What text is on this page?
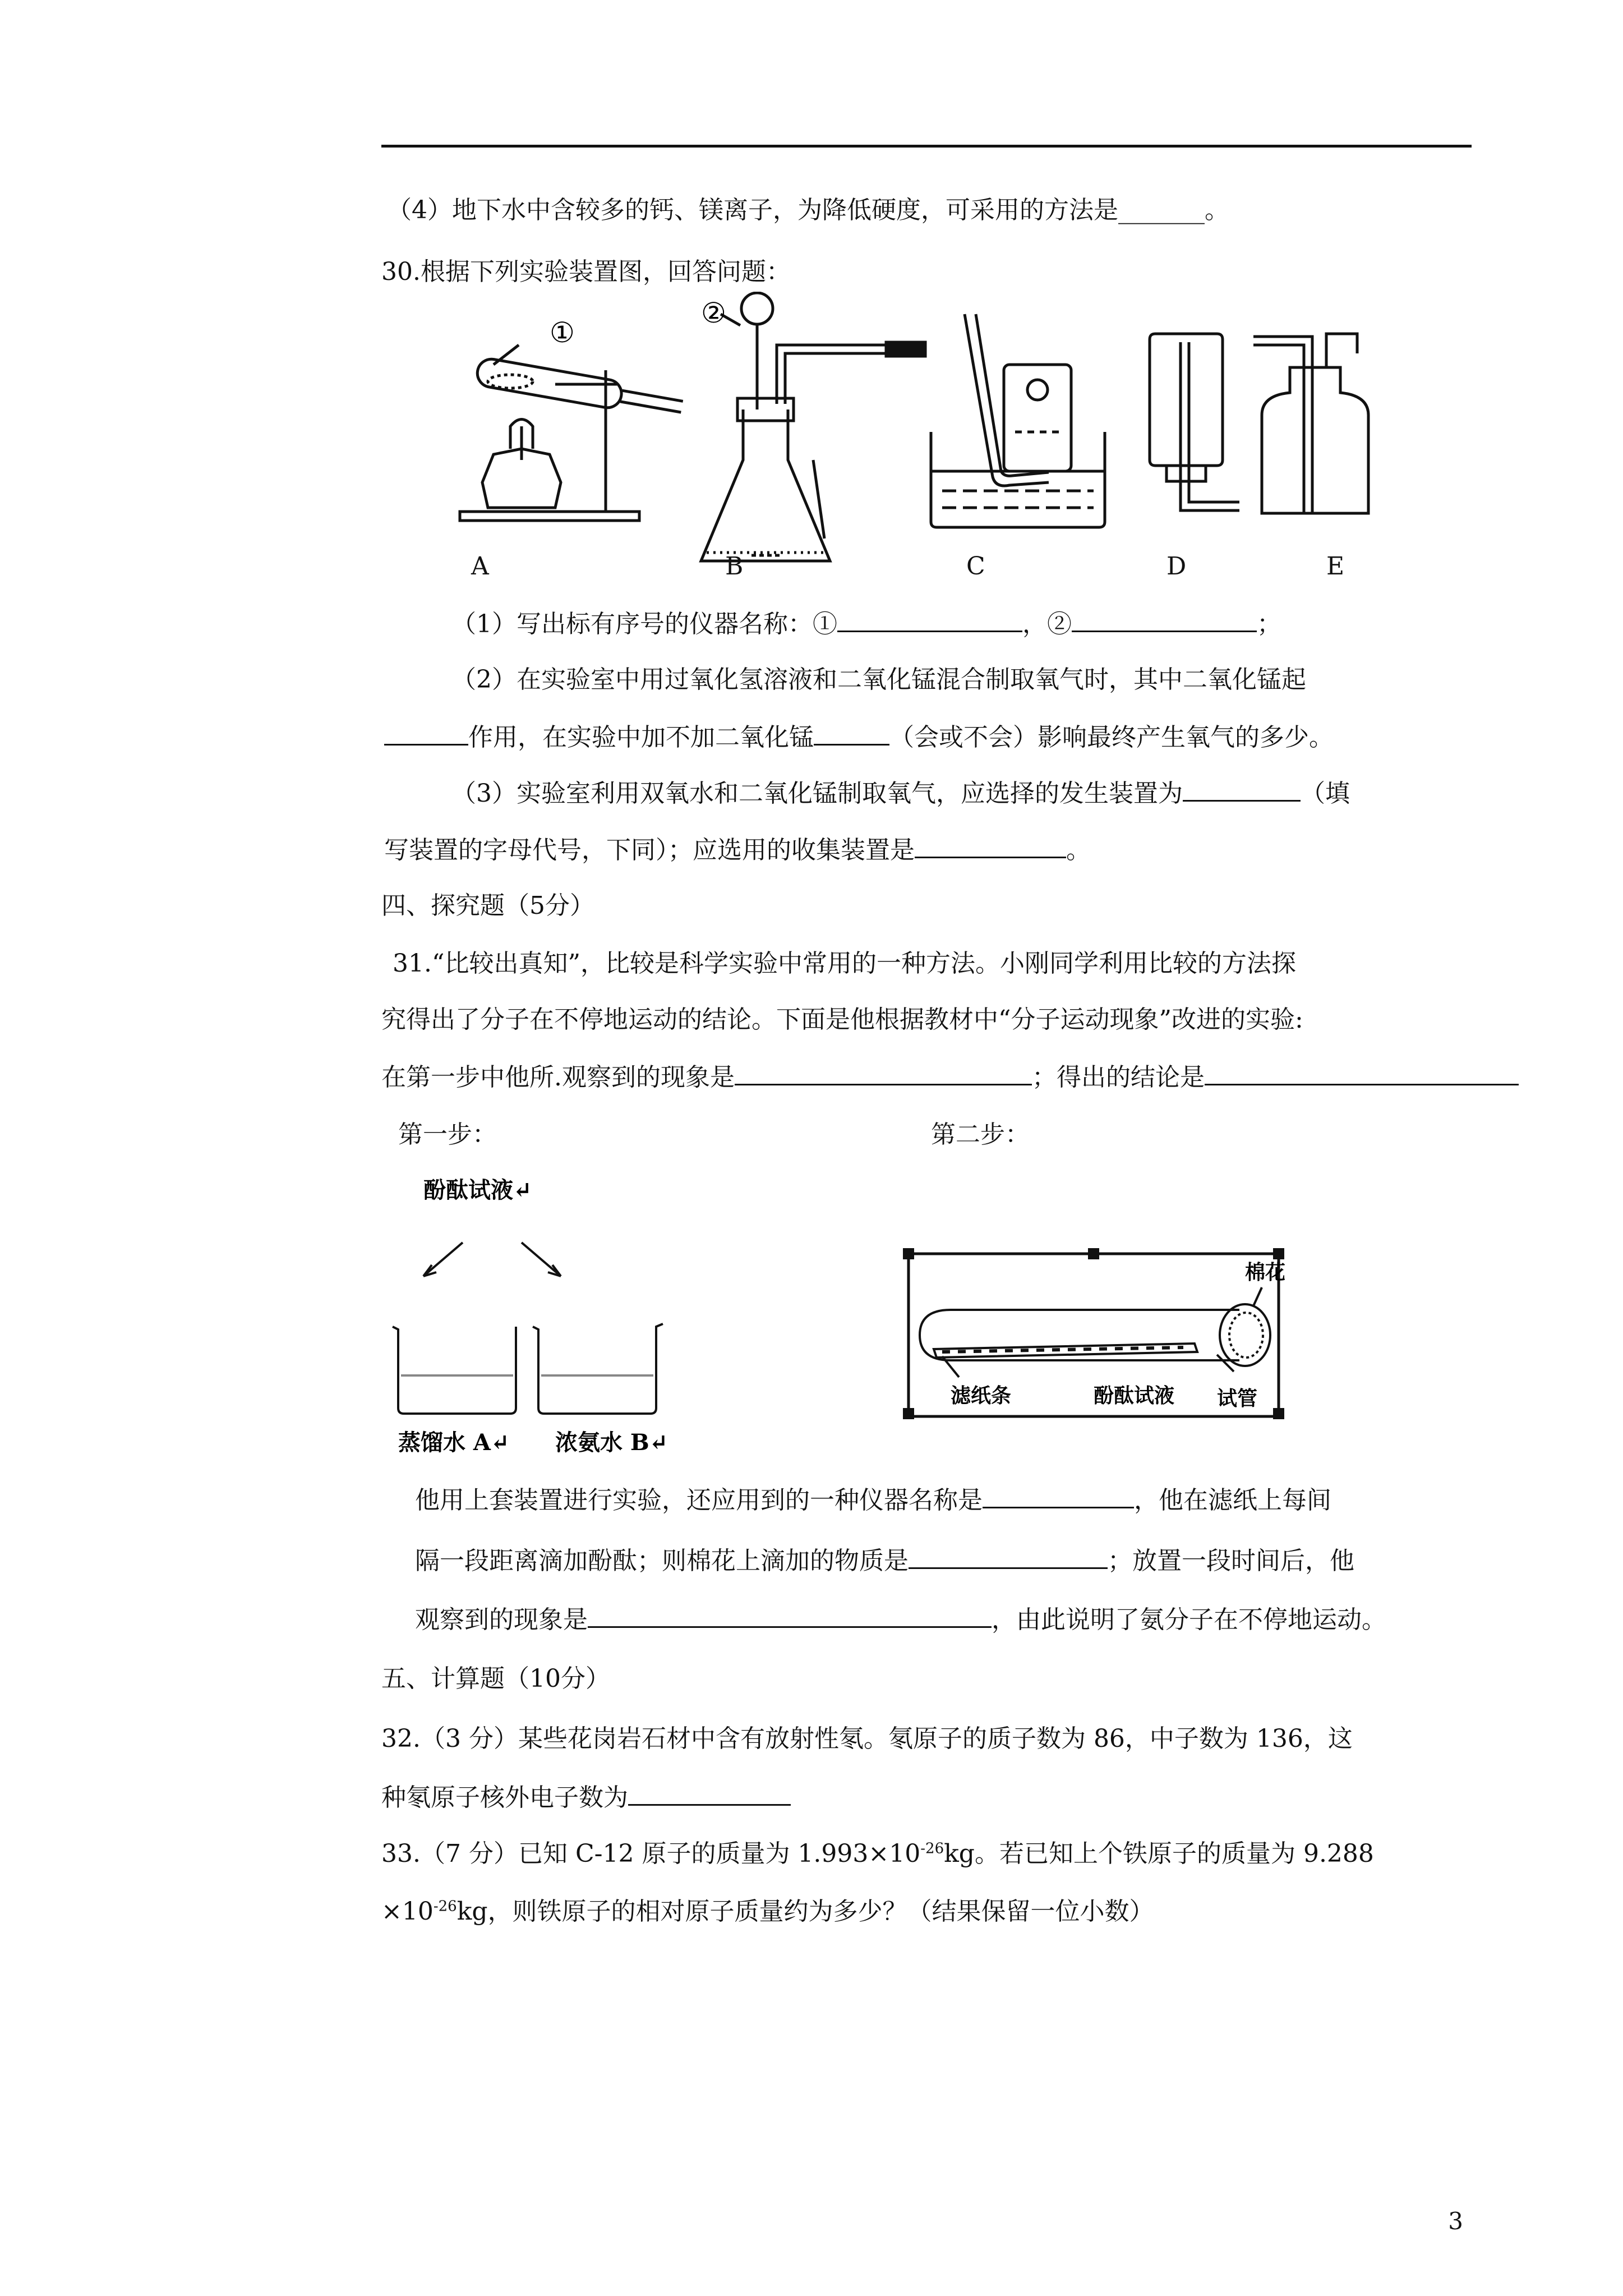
（4）地下水中含较多的钙、镁离子，为降低硬度，可采用的方法是_______。
30.根据下列实验装置图，回答问题：
①
②
A	B	C	D	E
（1）写出标有序号的仪器名称：①	，②	；
（2）在实验室中用过氧化氢溶液和二氧化锰混合制取氧气时，其中二氧化锰起
作用，在实验中加不加二氧化锰	（会或不会）影响最终产生氧气的多少。
（3）实验室利用双氧水和二氧化锰制取氧气，应选择的发生装置为	（填
写装置的字母代号，下同）；应选用的收集装置是	。
四、探究题（5分）
31.“比较出真知”，比较是科学实验中常用的一种方法。小刚同学利用比较的方法探
究得出了分子在不停地运动的结论。下面是他根据教材中“分子运动现象”改进的实验:
在第一步中他所.观察到的现象是	；得出的结论是
第一步：	第二步：
酚酞试液↵
蒸馏水 A↵ 浓氨水 B↵
棉花
滤纸条	酚酞试液 试管
他用上套装置进行实验，还应用到的一种仪器名称是	，他在滤纸上每间
隔一段距离滴加酚酞；则棉花上滴加的物质是	；放置一段时间后，他
观察到的现象是	，由此说明了氨分子在不停地运动。
五、计算题（10分）
32.（3 分）某些花岗岩石材中含有放射性氡。氡原子的质子数为 86，中子数为 136，这
种氡原子核外电子数为
33.（7 分）已知 C-12 原子的质量为 $1.993\times 10^{-26}kg$。若已知上个铁原子的质量为 9.288
$\times 10^{-26}kg$，则铁原子的相对原子质量约为多少？（结果保留一位小数）
3
